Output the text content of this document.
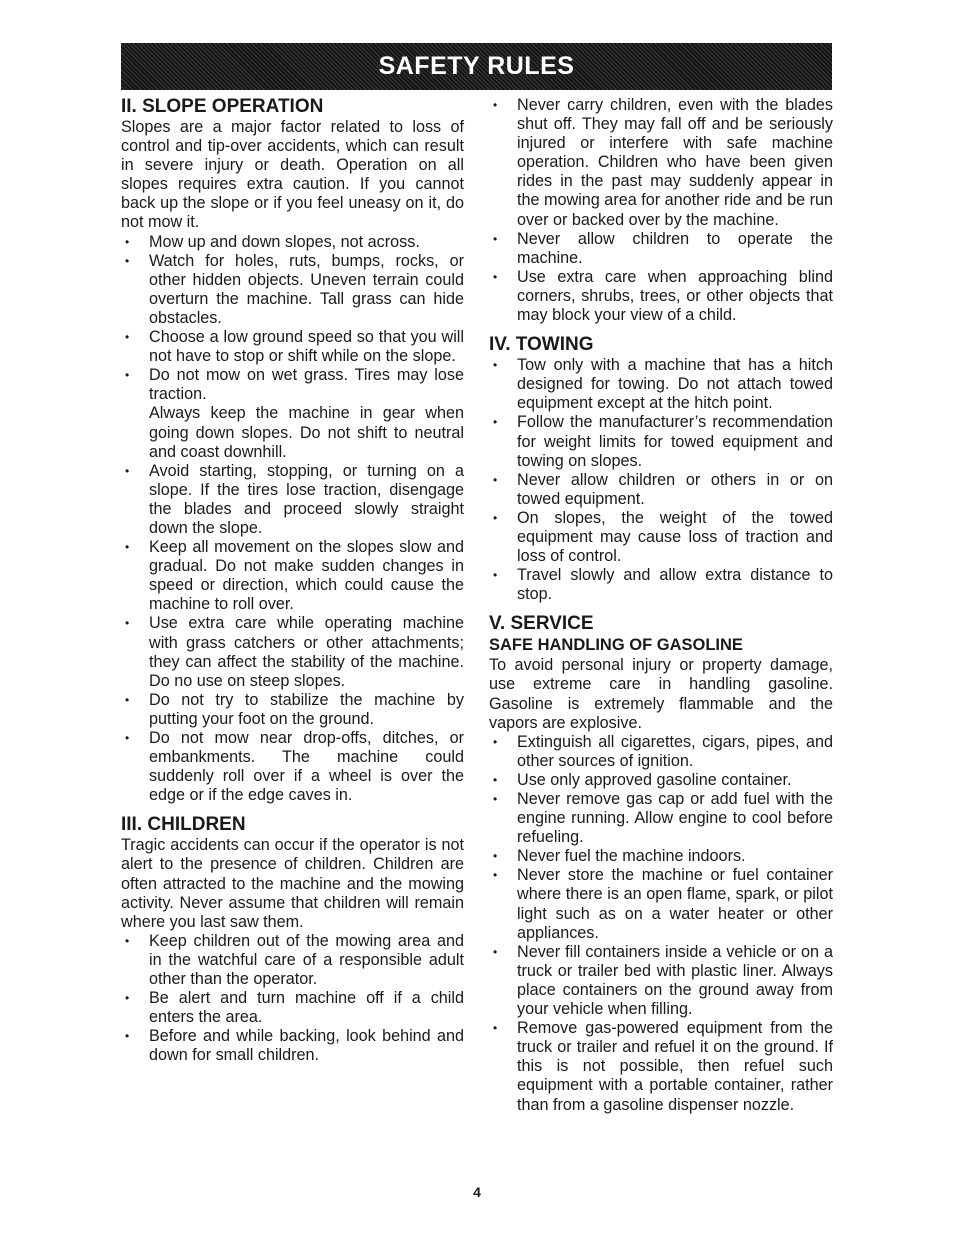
SAFETY RULES
II. SLOPE OPERATION

Slopes are a major factor related to loss of control and tip-over accidents, which can result in severe injury or death. Operation on all slopes requires extra caution. If you cannot back up the slope or if you feel uneasy on it, do not mow it.

• Mow up and down slopes, not across.
• Watch for holes, ruts, bumps, rocks, or other hidden objects. Uneven terrain could overturn the machine. Tall grass can hide obstacles.
• Choose a low ground speed so that you will not have to stop or shift while on the slope.
• Do not mow on wet grass. Tires may lose traction.
Always keep the machine in gear when going down slopes. Do not shift to neutral and coast downhill.
• Avoid starting, stopping, or turning on a slope. If the tires lose traction, disengage the blades and proceed slowly straight down the slope.
• Keep all movement on the slopes slow and gradual. Do not make sudden changes in speed or direction, which could cause the machine to roll over.
• Use extra care while operating machine with grass catchers or other attachments; they can affect the stability of the machine. Do no use on steep slopes.
• Do not try to stabilize the machine by putting your foot on the ground.
• Do not mow near drop-offs, ditches, or embankments. The machine could suddenly roll over if a wheel is over the edge or if the edge caves in.
III. CHILDREN

Tragic accidents can occur if the operator is not alert to the presence of children. Children are often attracted to the machine and the mowing activity. Never assume that children will remain where you last saw them.

• Keep children out of the mowing area and in the watchful care of a responsible adult other than the operator.
• Be alert and turn machine off if a child enters the area.
• Before and while backing, look behind and down for small children.
• Never carry children, even with the blades shut off. They may fall off and be seriously injured or interfere with safe machine operation. Children who have been given rides in the past may suddenly appear in the mowing area for another ride and be run over or backed over by the machine.
• Never allow children to operate the machine.
• Use extra care when approaching blind corners, shrubs, trees, or other objects that may block your view of a child.
IV. TOWING
• Tow only with a machine that has a hitch designed for towing. Do not attach towed equipment except at the hitch point.
• Follow the manufacturer’s recommendation for weight limits for towed equipment and towing on slopes.
• Never allow children or others in or on towed equipment.
• On slopes, the weight of the towed equipment may cause loss of traction and loss of control.
• Travel slowly and allow extra distance to stop.
V. SERVICE
SAFE HANDLING OF GASOLINE

To avoid personal injury or property damage, use extreme care in handling gasoline. Gasoline is extremely flammable and the vapors are explosive.

• Extinguish all cigarettes, cigars, pipes, and other sources of ignition.
• Use only approved gasoline container.
• Never remove gas cap or add fuel with the engine running. Allow engine to cool before refueling.
• Never fuel the machine indoors.
• Never store the machine or fuel container where there is an open flame, spark, or pilot light such as on a water heater or other appliances.
• Never fill containers inside a vehicle or on a truck or trailer bed with plastic liner. Always place containers on the ground away from your vehicle when filling.
• Remove gas-powered equipment from the truck or trailer and refuel it on the ground. If this is not possible, then refuel such equipment with a portable container, rather than from a gasoline dispenser nozzle.
4
